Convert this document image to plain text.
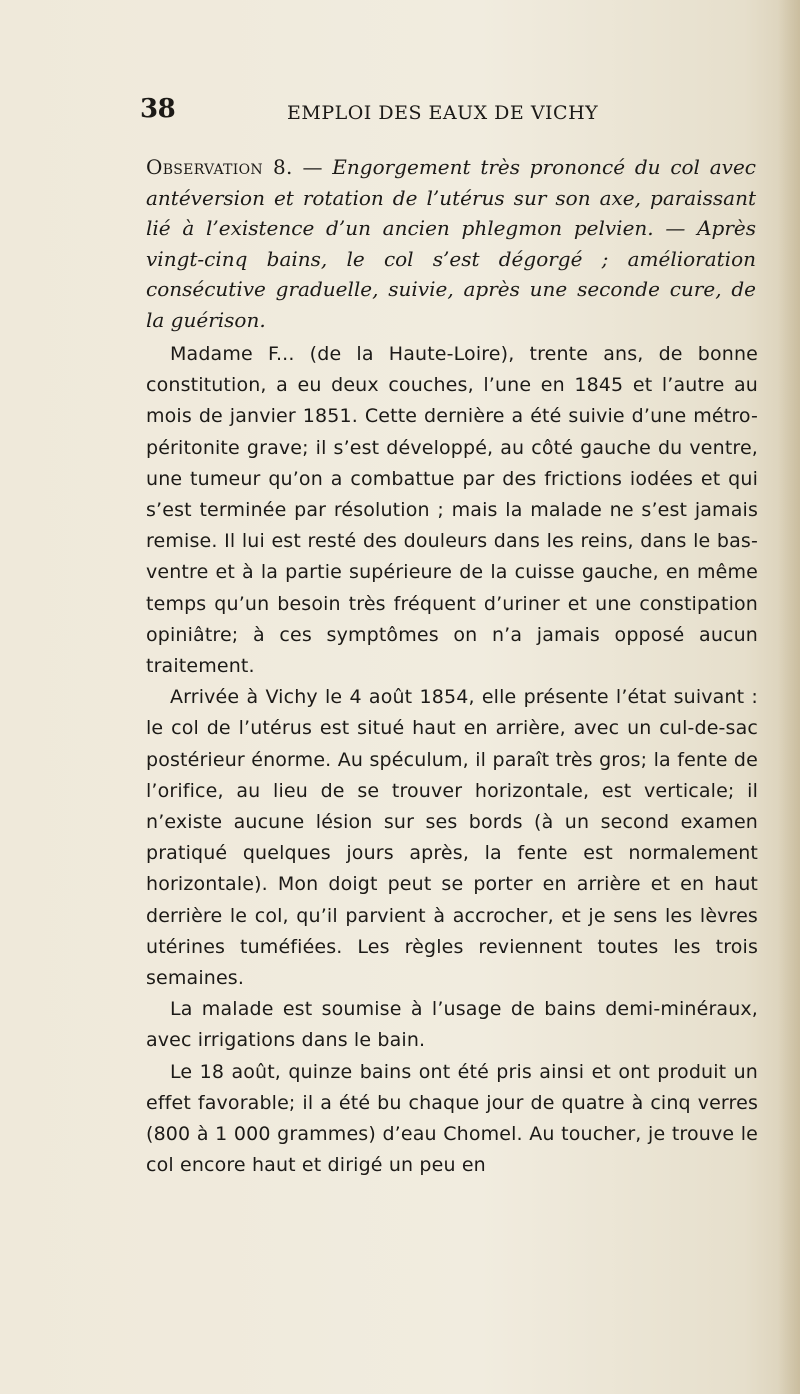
38	EMPLOI DES EAUX DE VICHY
Observation 8. — Engorgement très prononcé du col avec antéversion et rotation de l’utérus sur son axe, paraissant lié à l’existence d’un ancien phlegmon pelvien. — Après vingt-cinq bains, le col s’est dégorgé ; amélioration consécutive graduelle, suivie, après une seconde cure, de la guérison.

Madame F... (de la Haute-Loire), trente ans, de bonne constitution, a eu deux couches, l’une en 1845 et l’autre au mois de janvier 1851. Cette dernière a été suivie d’une métro-péritonite grave; il s’est développé, au côté gauche du ventre, une tumeur qu’on a combattue par des frictions iodées et qui s’est terminée par résolution ; mais la malade ne s’est jamais remise. Il lui est resté des douleurs dans les reins, dans le bas-ventre et à la partie supérieure de la cuisse gauche, en même temps qu’un besoin très fréquent d’uriner et une constipation opiniâtre; à ces symptômes on n’a jamais opposé aucun traitement.

Arrivée à Vichy le 4 août 1854, elle présente l’état suivant : le col de l’utérus est situé haut en arrière, avec un cul-de-sac postérieur énorme. Au spéculum, il paraît très gros; la fente de l’orifice, au lieu de se trouver horizontale, est verticale; il n’existe aucune lésion sur ses bords (à un second examen pratiqué quelques jours après, la fente est normalement horizontale). Mon doigt peut se porter en arrière et en haut derrière le col, qu’il parvient à accrocher, et je sens les lèvres utérines tuméfiées. Les règles reviennent toutes les trois semaines.

La malade est soumise à l’usage de bains demi-minéraux, avec irrigations dans le bain.

Le 18 août, quinze bains ont été pris ainsi et ont produit un effet favorable; il a été bu chaque jour de quatre à cinq verres (800 à 1 000 grammes) d’eau Chomel. Au toucher, je trouve le col encore haut et dirigé un peu en
